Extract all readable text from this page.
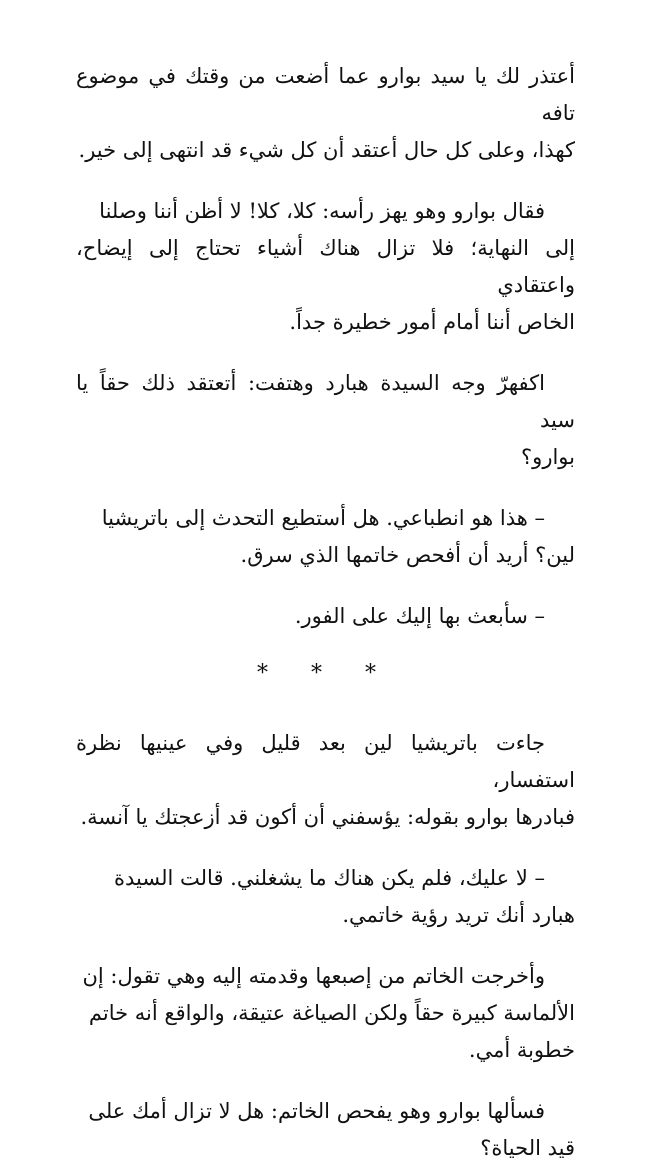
أعتذر لك يا سيد بوارو عما أضعت من وقتك في موضوع تافه
كهذا، وعلى كل حال أعتقد أن كل شيء قد انتهى إلى خير.

فقال بوارو وهو يهز رأسه: كلا، كلا! لا أظن أننا وصلنا
إلى النهاية؛ فلا تزال هناك أشياء تحتاج إلى إيضاح، واعتقادي
الخاص أننا أمام أمور خطيرة جداً.

اكفهرّ وجه السيدة هبارد وهتفت: أتعتقد ذلك حقاً يا سيد
بوارو؟

– هذا هو انطباعي. هل أستطيع التحدث إلى باتريشيا
لين؟ أريد أن أفحص خاتمها الذي سرق.

– سأبعث بها إليك على الفور.

* * *

جاءت باتريشيا لين بعد قليل وفي عينيها نظرة استفسار،
فبادرها بوارو بقوله: يؤسفني أن أكون قد أزعجتك يا آنسة.

– لا عليك، فلم يكن هناك ما يشغلني. قالت السيدة
هبارد أنك تريد رؤية خاتمي.

وأخرجت الخاتم من إصبعها وقدمته إليه وهي تقول: إن
الألماسة كبيرة حقاً ولكن الصياغة عتيقة، والواقع أنه خاتم
خطوبة أمي.

فسألها بوارو وهو يفحص الخاتم: هل لا تزال أمك على
قيد الحياة؟
